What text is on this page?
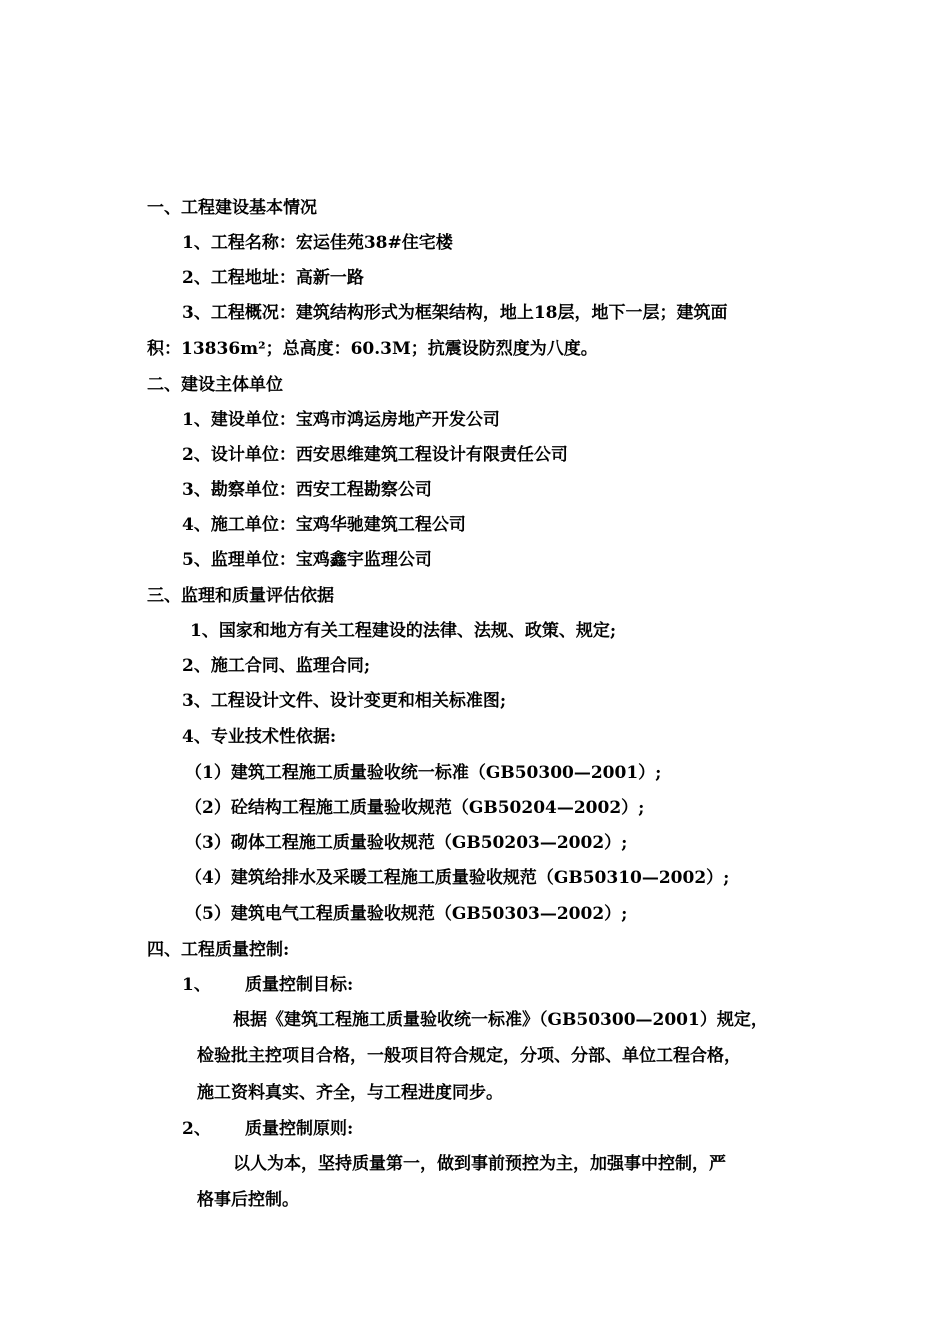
一、工程建设基本情况
1、工程名称：宏运佳苑38#住宅楼
2、工程地址：高新一路
3、工程概况：建筑结构形式为框架结构，地上18层，地下一层；建筑面
积：13836m²；总高度：60.3M；抗震设防烈度为八度。
二、建设主体单位
1、建设单位：宝鸡市鸿运房地产开发公司
2、设计单位：西安思维建筑工程设计有限责任公司
3、勘察单位：西安工程勘察公司
4、施工单位：宝鸡华驰建筑工程公司
5、监理单位：宝鸡鑫宇监理公司
三、监理和质量评估依据
1、国家和地方有关工程建设的法律、法规、政策、规定;
2、施工合同、监理合同;
3、工程设计文件、设计变更和相关标准图;
4、专业技术性依据:
（1）建筑工程施工质量验收统一标准（GB50300—2001）;
（2）砼结构工程施工质量验收规范（GB50204—2002）;
（3）砌体工程施工质量验收规范（GB50203—2002）;
（4）建筑给排水及采暖工程施工质量验收规范（GB50310—2002）;
（5）建筑电气工程质量验收规范（GB50303—2002）;
四、工程质量控制:
1、 质量控制目标:
根据《建筑工程施工质量验收统一标准》（GB50300—2001）规定，
检验批主控项目合格，一般项目符合规定，分项、分部、单位工程合格，
施工资料真实、齐全，与工程进度同步。
2、 质量控制原则:
以人为本，坚持质量第一，做到事前预控为主，加强事中控制，严
格事后控制。
